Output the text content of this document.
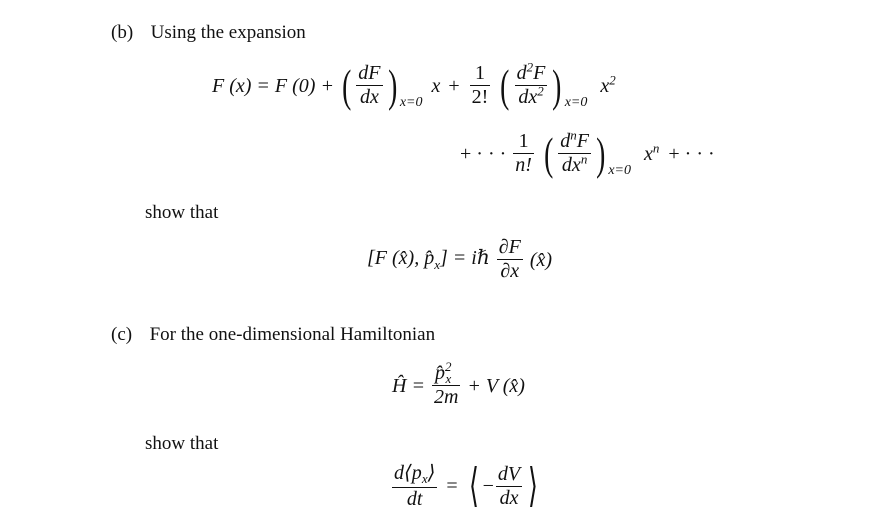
(b) Using the expansion
F (x) = F (0) + ( $\frac{dF}{dx}$ ) $_{x=0}$ $x + \frac{1}{2!}$ ( $\frac{d^2F}{dx^2}$ ) $_{x=0}$ $x^2$
+ · · · $\frac{1}{n!}$ ( $\frac{d^nF}{dx^n}$ ) $_{x=0}$ $x^n$ + · · ·
show that
[F (x̂), $p̂_x$] = iℏ $\frac{\partial F}{\partial x}$ (x̂)
(c) For the one-dimensional Hamiltonian
Ĥ = $\frac{p̂2_x}{2m} + V$ (x̂)
show that
$\frac{d⟨p_x⟩}{dt}$ = ⟨ − $\frac{dV}{dx}$ ⟩
